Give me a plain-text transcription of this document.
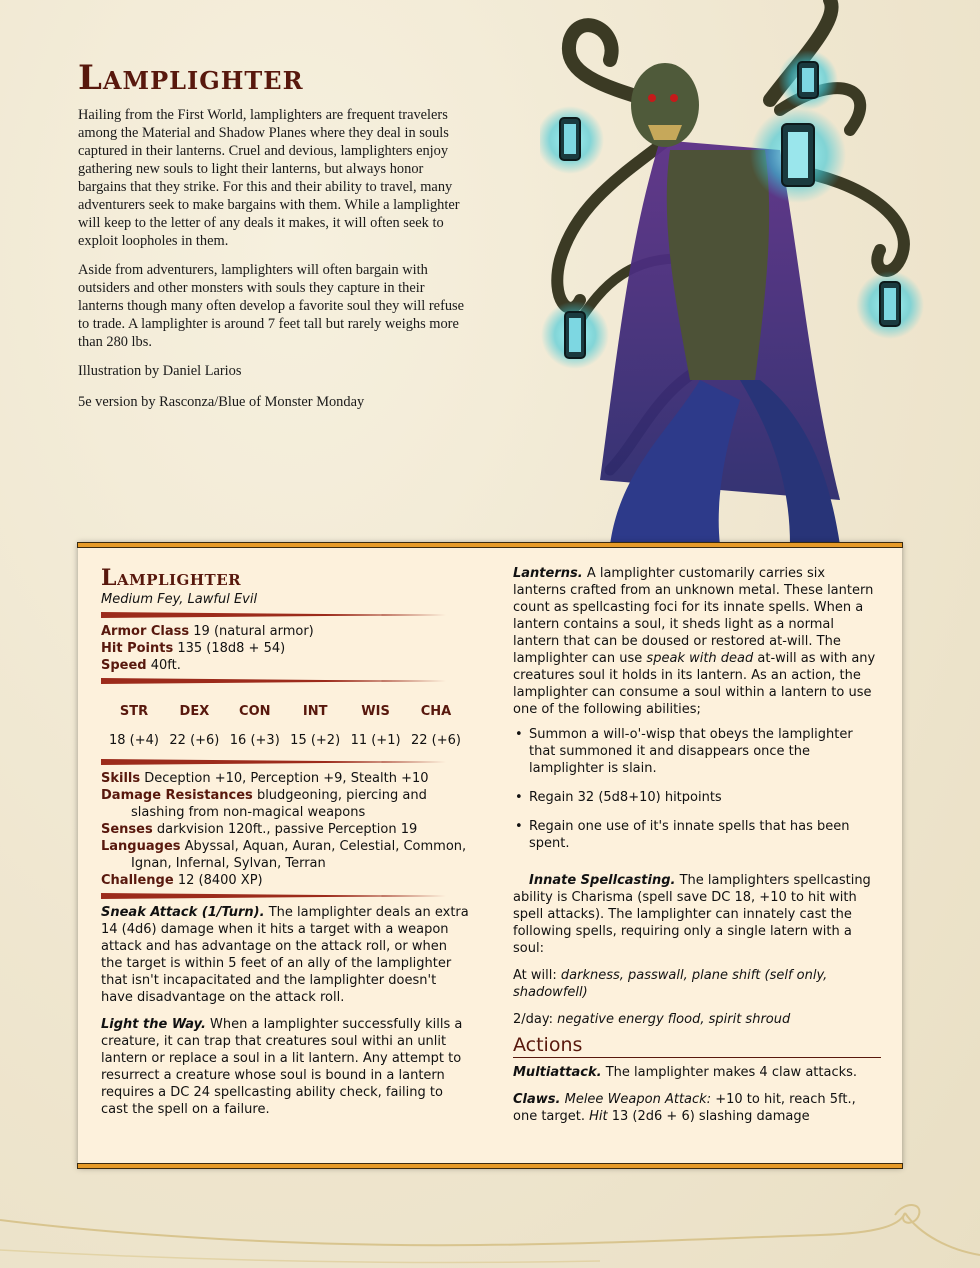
Lamplighter

Hailing from the First World, lamplighters are frequent travelers among the Material and Shadow Planes where they deal in souls captured in their lanterns. Cruel and devious, lamplighters enjoy gathering new souls to light their lanterns, but always honor bargains that they strike. For this and their ability to travel, many adventurers seek to make bargains with them. While a lamplighter will keep to the letter of any deals it makes, it will often seek to exploit loopholes in them.

Aside from adventurers, lamplighters will often bargain with outsiders and other monsters with souls they capture in their lanterns though many often develop a favorite soul they will refuse to trade. A lamplighter is around 7 feet tall but rarely weighs more than 280 lbs.

Illustration by Daniel Larios

5e version by Rasconza/Blue of Monster Monday

Lamplighter
Medium Fey, Lawful Evil
Armor Class 19 (natural armor)
Hit Points 135 (18d8 + 54)
Speed 40ft.
STR
18 (+4)
DEX
22 (+6)
CON
16 (+3)
INT
15 (+2)
WIS
11 (+1)
CHA
22 (+6)
Skills Deception +10, Perception +9, Stealth +10
Damage Resistances bludgeoning, piercing and slashing from non-magical weapons
Senses darkvision 120ft., passive Perception 19
Languages Abyssal, Aquan, Auran, Celestial, Common, Ignan, Infernal, Sylvan, Terran
Challenge 12 (8400 XP)

Sneak Attack (1/Turn). The lamplighter deals an extra 14 (4d6) damage when it hits a target with a weapon attack and has advantage on the attack roll, or when the target is within 5 feet of an ally of the lamplighter that isn't incapacitated and the lamplighter doesn't have disadvantage on the attack roll.

Light the Way. When a lamplighter successfully kills a creature, it can trap that creatures soul withi an unlit lantern or replace a soul in a lit lantern. Any attempt to resurrect a creature whose soul is bound in a lantern requires a DC 24 spellcasting ability check, failing to cast the spell on a failure.

Lanterns. A lamplighter customarily carries six lanterns crafted from an unknown metal. These lantern count as spellcasting foci for its innate spells. When a lantern contains a soul, it sheds light as a normal lantern that can be doused or restored at-will. The lamplighter can use speak with dead at-will as with any creatures soul it holds in its lantern. As an action, the lamplighter can consume a soul within a lantern to use one of the following abilities;

• Summon a will-o'-wisp that obeys the lamplighter that summoned it and disappears once the lamplighter is slain.
• Regain 32 (5d8+10) hitpoints
• Regain one use of it's innate spells that has been spent.

Innate Spellcasting. The lamplighters spellcasting ability is Charisma (spell save DC 18, +10 to hit with spell attacks). The lamplighter can innately cast the following spells, requiring only a single latern with a soul:

At will: darkness, passwall, plane shift (self only, shadowfell)

2/day: negative energy flood, spirit shroud

Actions

Multiattack. The lamplighter makes 4 claw attacks.

Claws. Melee Weapon Attack: +10 to hit, reach 5ft., one target. Hit 13 (2d6 + 6) slashing damage
